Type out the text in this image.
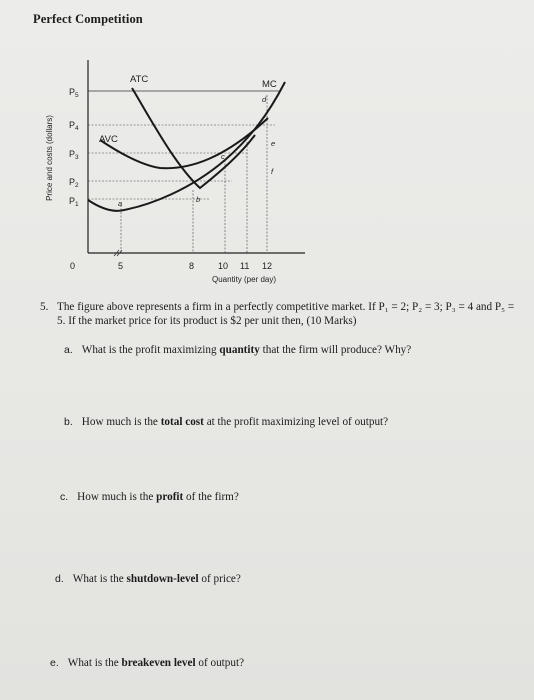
Perfect Competition
Price and costs (dollars)
$P_5$
$P_4$
$P_3$
$P_2$
$P_1$
ATC	MC
AVC
a	b
c
d
e
f
0	5	8	10 11 12
Quantity (per day)
5. The figure above represents a firm in a perfectly competitive market. If P₁ = 2; P₂ = 3; P₃ = 4 and P₅ = 5. If the market price for its product is $2 per unit then, (10 Marks)
a. What is the profit maximizing quantity that the firm will produce? Why?
b. How much is the total cost at the profit maximizing level of output?
c. How much is the profit of the firm?
d. What is the shutdown-level of price?
e. What is the breakeven level of output?
